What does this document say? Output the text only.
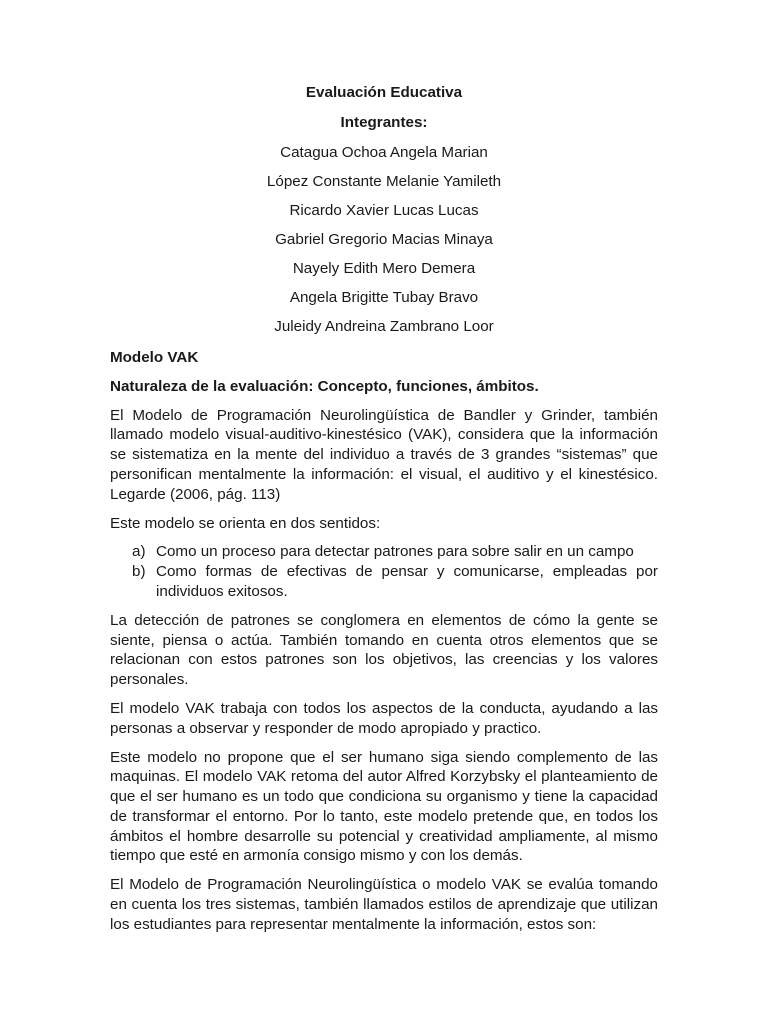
Evaluación Educativa
Integrantes:
Catagua Ochoa Angela Marian
López Constante Melanie Yamileth
Ricardo Xavier Lucas Lucas
Gabriel Gregorio Macias Minaya
Nayely Edith Mero Demera
Angela Brigitte Tubay Bravo
Juleidy Andreina Zambrano Loor
Modelo VAK
Naturaleza de la evaluación: Concepto, funciones, ámbitos.

El Modelo de Programación Neurolingüística de Bandler y Grinder, también llamado modelo visual-auditivo-kinestésico (VAK), considera que la información se sistematiza en la mente del individuo a través de 3 grandes “sistemas” que personifican mentalmente la información: el visual, el auditivo y el kinestésico. Legarde (2006, pág. 113)

Este modelo se orienta en dos sentidos:

a) Como un proceso para detectar patrones para sobre salir en un campo
b) Como formas de efectivas de pensar y comunicarse, empleadas por individuos exitosos.

La detección de patrones se conglomera en elementos de cómo la gente se siente, piensa o actúa. También tomando en cuenta otros elementos que se relacionan con estos patrones son los objetivos, las creencias y los valores personales.

El modelo VAK trabaja con todos los aspectos de la conducta, ayudando a las personas a observar y responder de modo apropiado y practico.

Este modelo no propone que el ser humano siga siendo complemento de las maquinas. El modelo VAK retoma del autor Alfred Korzybsky el planteamiento de que el ser humano es un todo que condiciona su organismo y tiene la capacidad de transformar el entorno. Por lo tanto, este modelo pretende que, en todos los ámbitos el hombre desarrolle su potencial y creatividad ampliamente, al mismo tiempo que esté en armonía consigo mismo y con los demás.

El Modelo de Programación Neurolingüística o modelo VAK se evalúa tomando en cuenta los tres sistemas, también llamados estilos de aprendizaje que utilizan los estudiantes para representar mentalmente la información, estos son:
